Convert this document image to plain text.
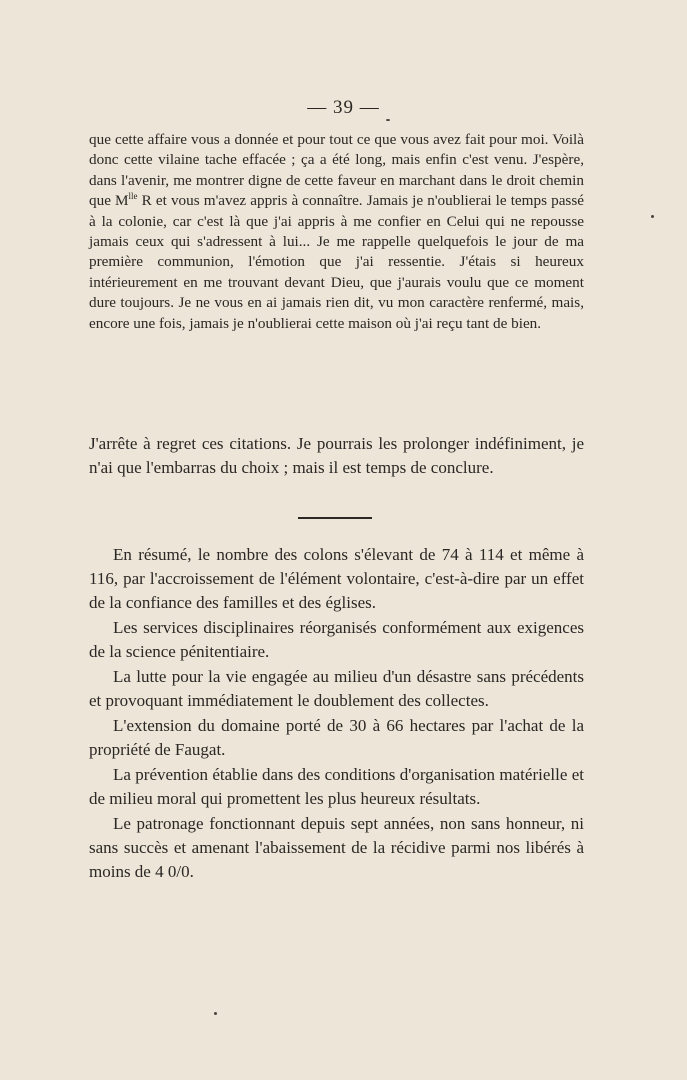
— 39 —

que cette affaire vous a donnée et pour tout ce que vous avez fait pour moi. Voilà donc cette vilaine tache effacée ; ça a été long, mais enfin c'est venu. J'espère, dans l'avenir, me montrer digne de cette faveur en marchant dans le droit chemin que $M^{lle}$ R et vous m'avez appris à connaître. Jamais je n'oublierai le temps passé à la colonie, car c'est là que j'ai appris à me confier en Celui qui ne repousse jamais ceux qui s'adressent à lui... Je me rappelle quelquefois le jour de ma première communion, l'émotion que j'ai ressentie. J'étais si heureux intérieurement en me trouvant devant Dieu, que j'aurais voulu que ce moment dure toujours. Je ne vous en ai jamais rien dit, vu mon caractère renfermé, mais, encore une fois, jamais je n'oublierai cette maison où j'ai reçu tant de bien.

J'arrête à regret ces citations. Je pourrais les prolonger indéfiniment, je n'ai que l'embarras du choix ; mais il est temps de conclure.

En résumé, le nombre des colons s'élevant de 74 à 114 et même à 116, par l'accroissement de l'élément volontaire, c'est-à-dire par un effet de la confiance des familles et des églises.

Les services disciplinaires réorganisés conformément aux exigences de la science pénitentiaire.

La lutte pour la vie engagée au milieu d'un désastre sans précédents et provoquant immédiatement le doublement des collectes.

L'extension du domaine porté de 30 à 66 hectares par l'achat de la propriété de Faugat.

La prévention établie dans des conditions d'organisation matérielle et de milieu moral qui promettent les plus heureux résultats.

Le patronage fonctionnant depuis sept années, non sans honneur, ni sans succès et amenant l'abaissement de la récidive parmi nos libérés à moins de 4 0/0.
